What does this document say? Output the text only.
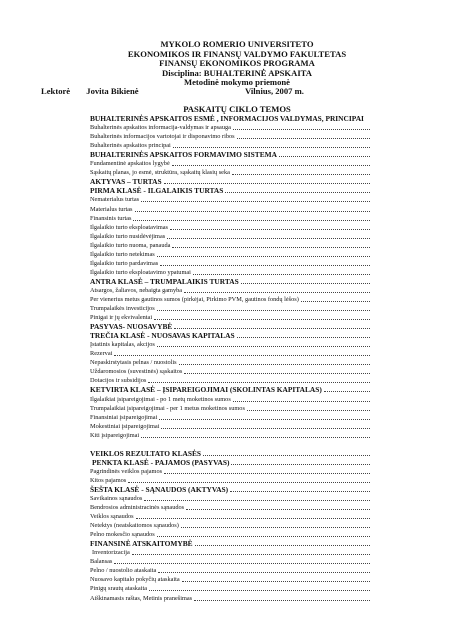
MYKOLO ROMERIO UNIVERSITETO
EKONOMIKOS IR FINANSŲ VALDYMO FAKULTETAS
FINANSŲ EKONOMIKOS PROGRAMA
Disciplina: BUHALTERINĖ APSKAITA
Metodinė mokymo priemonė
Lektorė Jovita Bikienė	Vilnius, 2007 m.
PASKAITŲ CIKLO TEMOS
BUHALTERINĖS APSKAITOS ESMĖ , INFORMACIJOS VALDYMAS, PRINCIPAI
Buhalterinės apskaitos informacija-valdymas ir apsauga
Buhalterinės informacijos vartotojai ir disponavimo ribos
Buhalterinės apskaitos principai
BUHALTERINĖS APSKAITOS FORMAVIMO SISTEMA
Fundamentinė apskaitos lygybė
Sąskaitų planas, jo esmė, struktūra, sąskaitų klasių seka
AKTYVAS – TURTAS
PIRMA KLASĖ - ILGALAIKIS TURTAS
Nematerialus turtas
Materialus turtas
Finansinis turtas
Ilgalaikio turto eksploatavimas
Ilgalaikio turto nusidėvėjimas
Ilgalaikio turto nuoma, panauda
Ilgalaikio turto netekimas
Ilgalaikio turto pardavimas
Ilgalaikio turto eksploatavimo ypatumai
ANTRA KLASĖ – TRUMPALAIKIS TURTAS
Atsargos, žaliavos, nebaigta gamyba
Per vienerius metus gautinos sumos (pirkėjai, Pirkimo PVM, gautinos fondų lėšos)
Trumpalaikės investicijos
Pinigai ir jų ekvivalentai
PASYVAS- NUOSAVYBĖ
TREČIA KLASĖ - NUOSAVAS KAPITALAS
Įstatinis kapitalas, akcijos
Rezervai
Nepaskirstytasis pelnas / nuostolis
Uždaromosios (suvestinės) sąskaitos
Dotacijos ir subsidijos
KETVIRTA KLASĖ – ĮSIPAREIGOJIMAI (SKOLINTAS KAPITALAS)
Ilgalaikiai įsipareigojimai - po 1 metų moketinos sumos
Trumpalaikiai įsipareigojimai - per 1 metus moketinos sumos
Finansiniai įsipareigojimai
Mokestiniai įsipareigojimai
Kiti įsipareigojimai
VEIKLOS REZULTATO KLASĖS
PENKTA KLASĖ - PAJAMOS (PASYVAS)
Pagrindinės veiklos pajamos
Kitos pajamos
ŠEŠTA KLASĖ - SĄNAUDOS (AKTYVAS)
Savikainos sąnaudos
Bendrosios administracinės sąnaudos
Veiklos sąnaudos
Netektys (neatskaitomos sąnaudos)
Pelno mokesčio sąnaudos
FINANSINĖ ATSKAITOMYBĖ
Inventorizacija
Balansas
Pelno / nuostolio ataskaita
Nuosavo kapitalo pokyčių ataskaita
Pinigų srautų ataskaita
Aiškinamasis raštas, Metinis pranešimas
